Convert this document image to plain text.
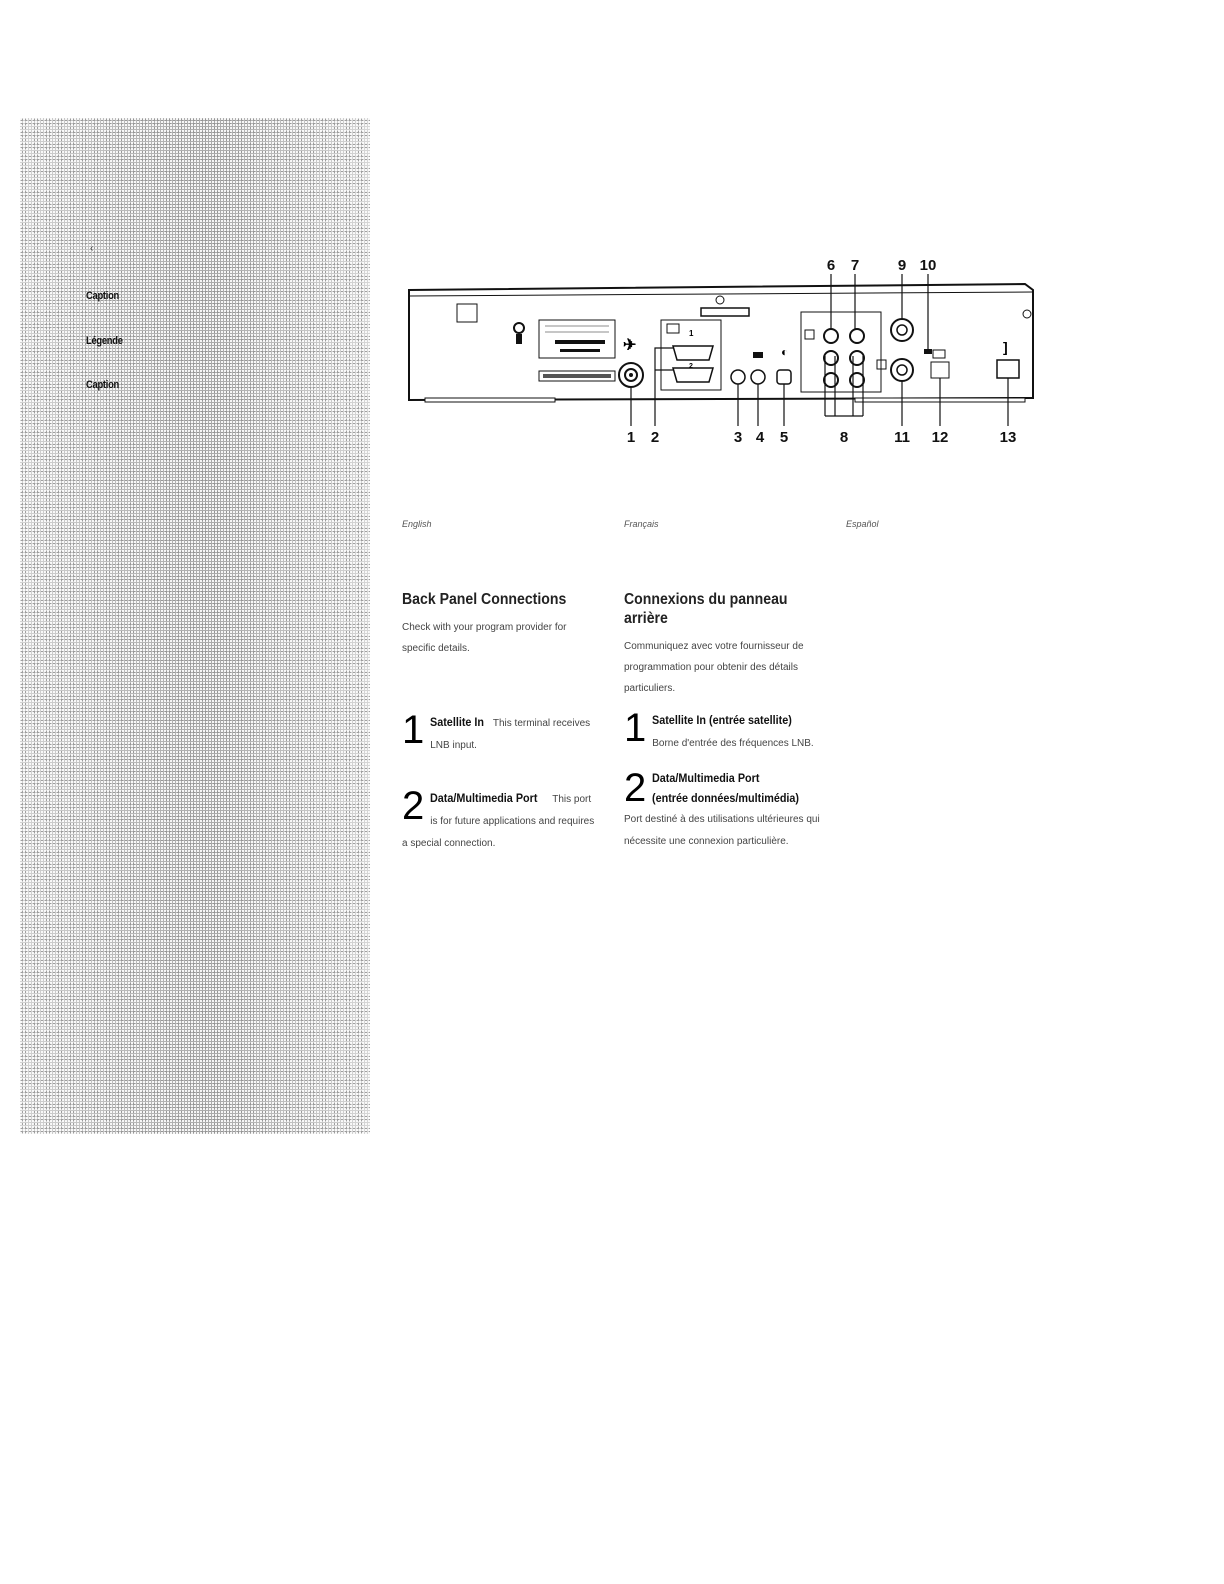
‹
Caption
Légende
Caption
6 7	9 10
✈
1
2
◐	]
1 2	3 4 5	8	11 12	13
English	Français	Español
Back Panel Connections

Check with your program provider for specific details.

1 Satellite In This terminal receives LNB input.

2 Data/Multimedia Port This port is for future applications and requires a special connection.

Connexions du panneau
arrière

Communiquez avec votre fournisseur de programmation pour obtenir des détails particuliers.

1 Satellite In (entrée satellite)
Borne d'entrée des fréquences LNB.

2 Data/Multimedia Port
(entrée données/multimédia)

Port destiné à des utilisations ultérieures qui nécessite une connexion particulière.
